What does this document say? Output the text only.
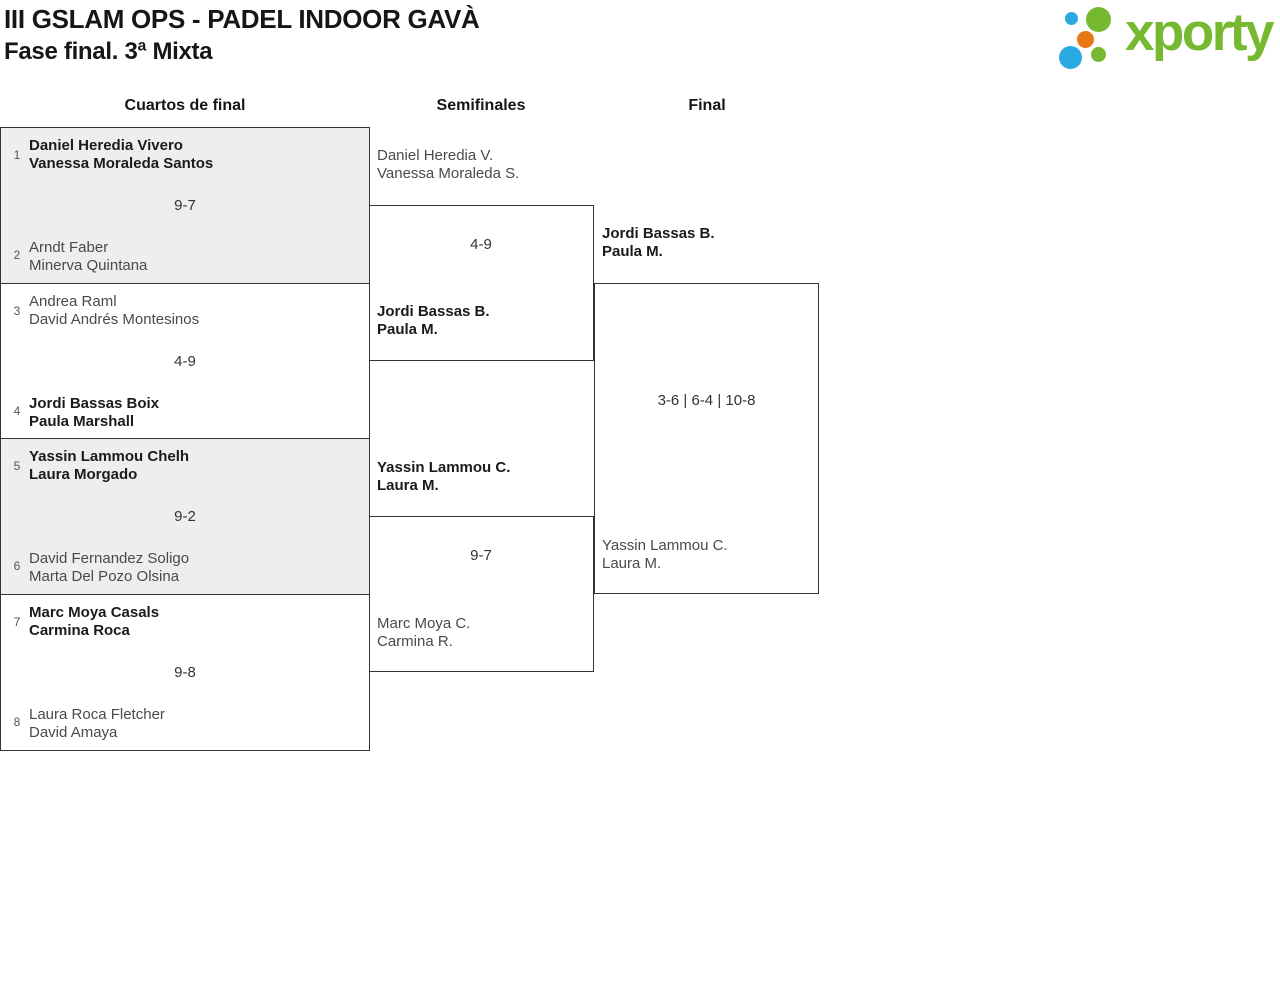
III GSLAM OPS - PADEL INDOOR GAVÀ
Fase final. 3ª Mixta	xporty
Cuartos de final	Semifinales	Final
1
Daniel Heredia Vivero
Vanessa Moraleda Santos
9-7
Arndt Faber
Minerva Quintana
2
3
Andrea Raml
David Andrés Montesinos
4-9
Jordi Bassas Boix
Paula Marshall
4
5
Yassin Lammou Chelh
Laura Morgado
9-2
David Fernandez Soligo
Marta Del Pozo Olsina
6
7
Marc Moya Casals
Carmina Roca
9-8
Laura Roca Fletcher
David Amaya
8
Daniel Heredia V.
Vanessa Moraleda S.
4-9
Jordi Bassas B.
Paula M.
Yassin Lammou C.
Laura M.
9-7
Marc Moya C.
Carmina R.
Jordi Bassas B.
Paula M.
3-6 | 6-4 | 10-8
Yassin Lammou C.
Laura M.
